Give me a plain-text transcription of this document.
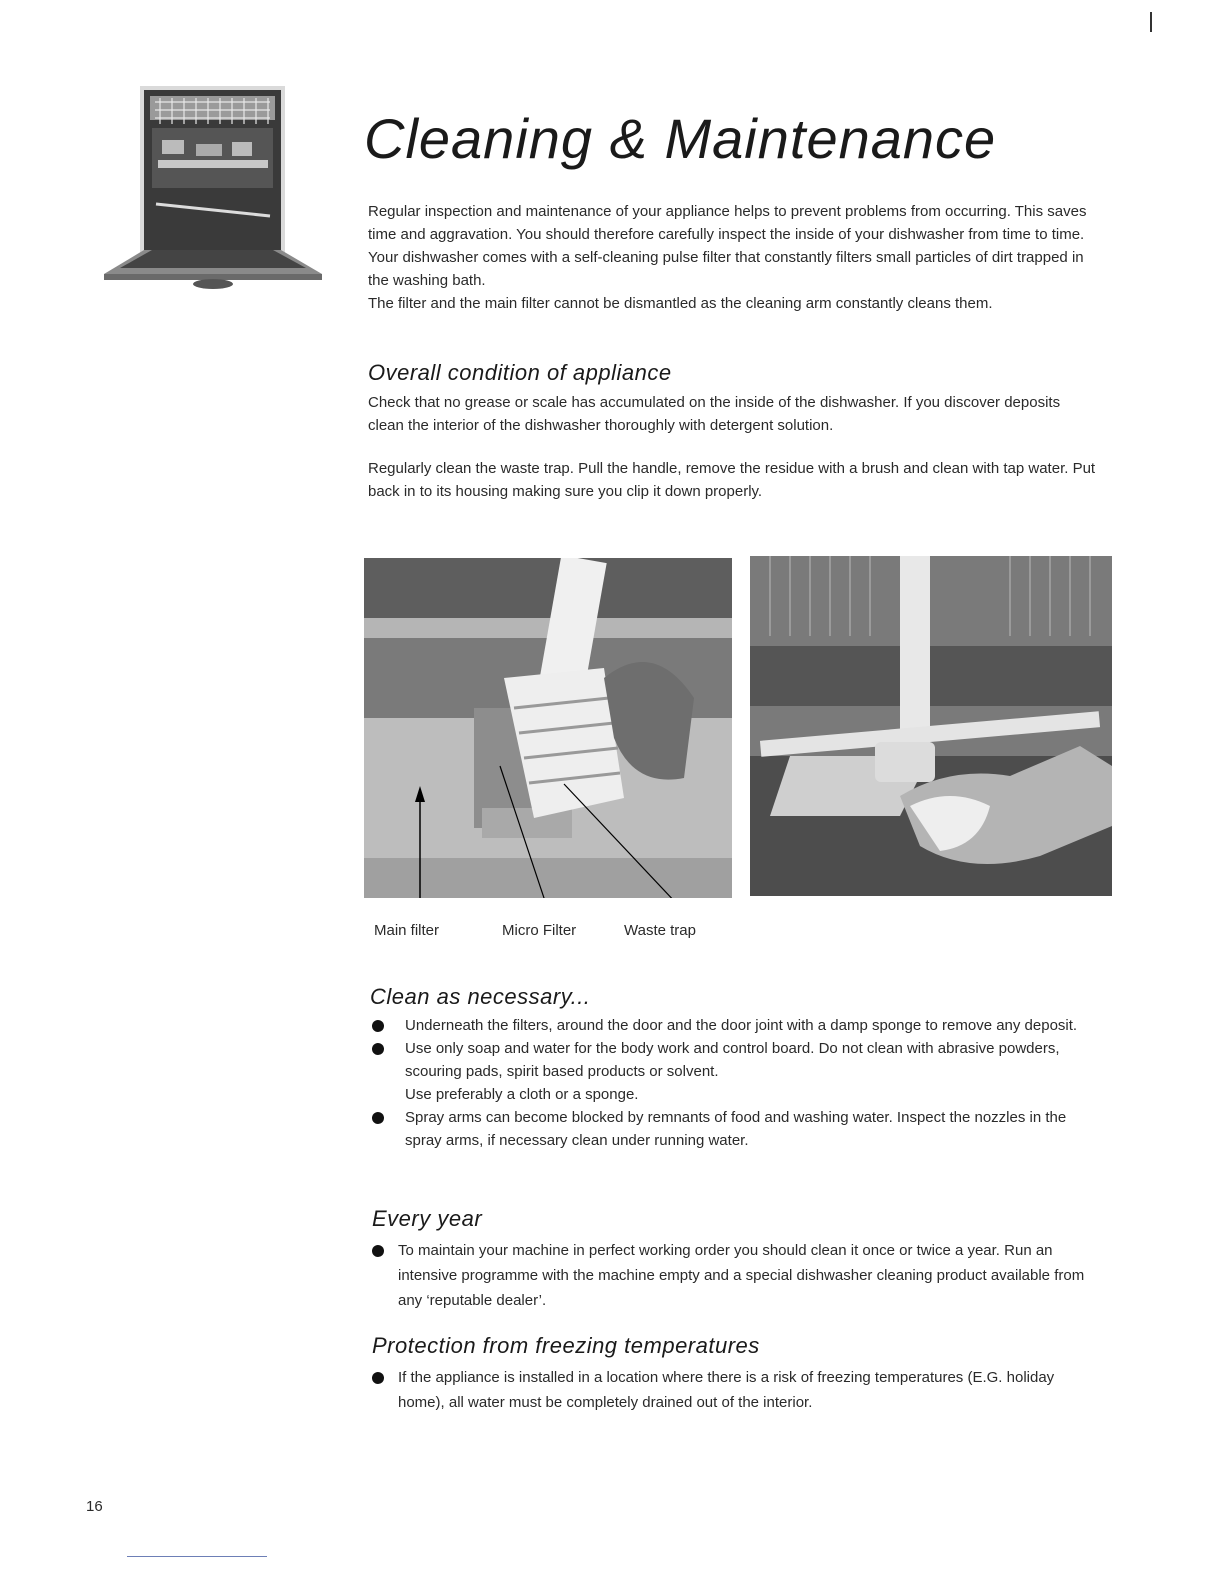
Cleaning & Maintenance

Regular inspection and maintenance of your appliance helps to prevent problems from occurring. This saves time and aggravation. You should therefore carefully inspect the inside of your dishwasher from time to time.

Your dishwasher comes with a self-cleaning pulse filter that constantly filters small particles of dirt trapped in the washing bath.

The filter and the main filter cannot be dismantled as the cleaning arm constantly cleans them.

Overall condition of appliance

Check that no grease or scale has accumulated on the inside of the dishwasher. If you discover deposits clean the interior of the dishwasher thoroughly with detergent solution.

Regularly clean the waste trap. Pull the handle, remove the residue with a brush and clean with tap water. Put back in to its housing making sure you clip it down properly.

Main filter	Micro Filter	Waste trap
Clean as necessary...
Underneath the filters, around the door and the door joint with a damp sponge to remove any deposit.
Use only soap and water for the body work and control board. Do not clean with abrasive powders, scouring pads, spirit based products or solvent.
Use preferably a cloth or a sponge.
Spray arms can become blocked by remnants of food and washing water. Inspect the nozzles in the spray arms, if necessary clean under running water.
Every year
To maintain your machine in perfect working order you should clean it once or twice a year. Run an intensive programme with the machine empty and a special dishwasher cleaning product available from any ‘reputable dealer’.
Protection from freezing temperatures
If the appliance is installed in a location where there is a risk of freezing temperatures (E.G. holiday home), all water must be completely drained out of the interior.
16
